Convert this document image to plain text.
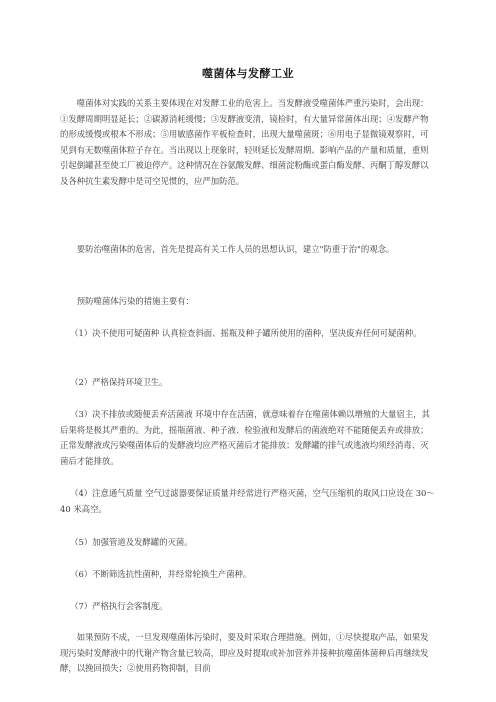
噬菌体与发酵工业

噬菌体对实践的关系主要体现在对发酵工业的危害上。当发酵液受噬菌体严重污染时，会出现：①发酵周期明显延长；②碳源消耗缓慢；③发酵液变清，镜检时，有大量异常菌体出现；④发酵产物的形成缓慢或根本不形成；⑤用敏感菌作平板检查时，出现大量噬菌斑；⑥用电子显微镜观察时，可见到有无数噬菌体粒子存在。当出现以上现象时，轻则延长发酵周期、影响产品的产量和质量，重则引起倒罐甚至使工厂被迫停产。这种情况在谷氨酸发酵、细菌淀粉酶或蛋白酶发酵、丙酮丁醇发酵以及各种抗生素发酵中是司空见惯的，应严加防范。

要防治噬菌体的危害，首先是提高有关工作人员的思想认识，建立"防重于治"的观念。

预防噬菌体污染的措施主要有：

（1）决不使用可疑菌种 认真检查斜面、摇瓶及种子罐所使用的菌种，坚决废弃任何可疑菌种。

（2）严格保持环境卫生。

（3）决不排放或随便丢弃活菌液 环境中存在活菌，就意味着存在噬菌体赖以增殖的大量宿主，其后果将是极其严重的。为此，摇瓶菌液、种子液、检验液和发酵后的菌液绝对不能随便丢弃或排放；正常发酵液或污染噬菌体后的发酵液均应严格灭菌后才能排放；发酵罐的排气或逃液均须经消毒、灭菌后才能排放。

（4）注意通气质量 空气过滤器要保证质量并经常进行严格灭菌，空气压缩机的取风口应设在 30～40 米高空。

（5）加强管道及发酵罐的灭菌。

（6）不断筛选抗性菌种，并经常轮换生产菌种。

（7）严格执行会客制度。

如果预防不成，一旦发现噬菌体污染时，要及时采取合理措施。例如，①尽快提取产品，如果发现污染时发酵液中的代谢产物含量已较高，即应及时提取或补加营养并接种抗噬菌体菌种后再继续发酵，以挽回损失；②使用药物抑制，目前
